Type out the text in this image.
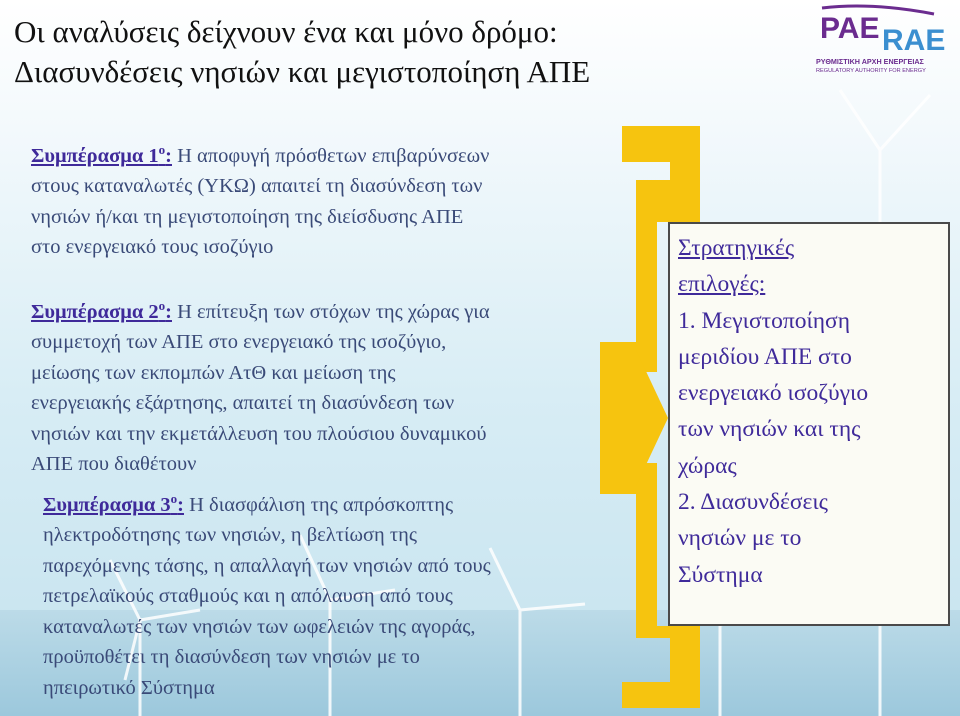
Οι αναλύσεις δείχνουν ένα και μόνο δρόμο:
Διασυνδέσεις νησιών και μεγιστοποίηση ΑΠΕ
PAE RAE
ΡΥΘΜΙΣΤΙΚΗ ΑΡΧΗ ΕΝΕΡΓΕΙΑΣ
REGULATORY AUTHORITY FOR ENERGY
Συμπέρασμα $1^o$: Η αποφυγή πρόσθετων επιβαρύνσεων
στους καταναλωτές (ΥΚΩ) απαιτεί τη διασύνδεση των
νησιών ή/και τη μεγιστοποίηση της διείσδυσης ΑΠΕ
στο ενεργειακό τους ισοζύγιο
Συμπέρασμα $2^o$: Η επίτευξη των στόχων της χώρας για
συμμετοχή των ΑΠΕ στο ενεργειακό της ισοζύγιο,
μείωσης των εκπομπών ΑτΘ και μείωση της
ενεργειακής εξάρτησης, απαιτεί τη διασύνδεση των
νησιών και την εκμετάλλευση του πλούσιου δυναμικού
ΑΠΕ που διαθέτουν
Συμπέρασμα $3^o$: Η διασφάλιση της απρόσκοπτης
ηλεκτροδότησης των νησιών, η βελτίωση της
παρεχόμενης τάσης, η απαλλαγή των νησιών από τους
πετρελαϊκούς σταθμούς και η απόλαυση από τους
καταναλωτές των νησιών των ωφελειών της αγοράς,
προϋποθέτει τη διασύνδεση των νησιών με το
ηπειρωτικό Σύστημα
Στρατηγικές
επιλογές:
1. Μεγιστοποίηση
μεριδίου ΑΠΕ στο
ενεργειακό ισοζύγιο
των νησιών και της
χώρας
2. Διασυνδέσεις
νησιών με το
Σύστημα
